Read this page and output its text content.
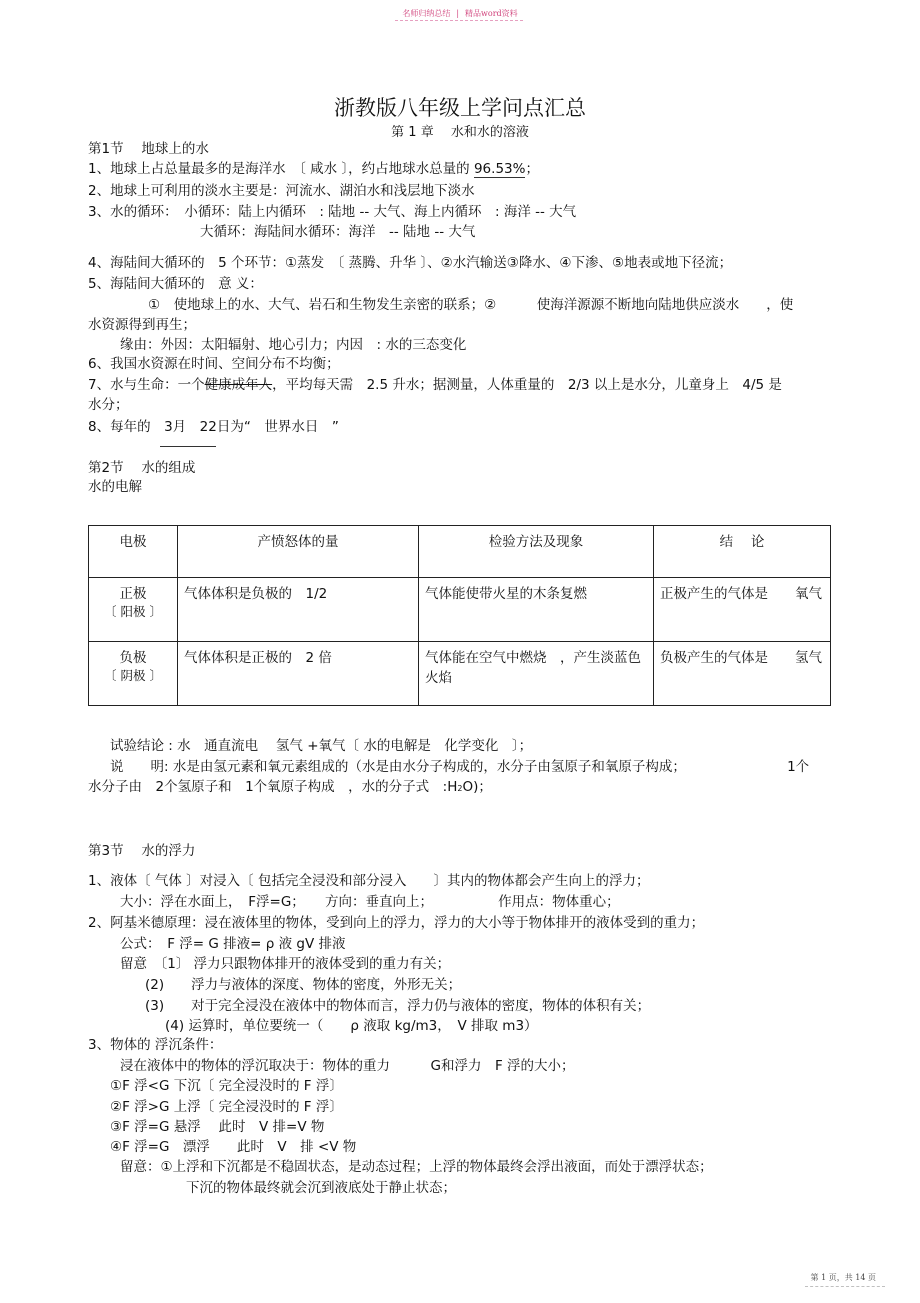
名师归纳总结 | 精品word资料
浙教版八年级上学问点汇总
第 1 章　 水和水的溶液
第1节　 地球上的水
1、地球上占总量最多的是海洋水　〔 咸水 〕，约占地球水总量的 96.53%；
2、地球上可利用的淡水主要是：河流水、湖泊水和浅层地下淡水
3、水的循环：　小循环：陆上内循环　: 陆地 -- 大气、海上内循环　: 海洋 -- 大气
大循环：海陆间水循环：海洋　-- 陆地 -- 大气
4、海陆间大循环的　5 个环节：①蒸发　〔 蒸腾、升华 〕、②水汽输送③降水、④下渗、⑤地表或地下径流；
5、海陆间大循环的　意 义：
①　使地球上的水、大气、岩石和生物发生亲密的联系；②　　　使海洋源源不断地向陆地供应淡水　　，使
水资源得到再生；
缘由：外因：太阳辐射、地心引力；内因　: 水的三态变化
6、我国水资源在时间、空间分布不均衡；
7、水与生命：一个健康成年人，平均每天需　2.5 升水；据测量，人体重量的　2/3 以上是水分，儿童身上　4/5 是
水分；
8、每年的　3月　22日为“　世界水日　”
第2节　 水的组成
水的电解
电极	产愤怒体的量	检验方法及现象	结　 论

正极
〔 阳极 〕	气体体积是负极的　1/2	气体能使带火星的木条复燃	正极产生的气体是　　氧气

负极
〔 阴极 〕	气体体积是正极的　2 倍	气体能在空气中燃烧　，产生淡蓝色火焰	负极产生的气体是　　氢气
试验结论 : 水　通直流电　 氢气 +氧气〔 水的电解是　化学变化　〕；
说　　明: 水是由氢元素和氧元素组成的（水是由水分子构成的，水分子由氢原子和氧原子构成；　　　　　　　　1个
水分子由　2个氢原子和　1个氧原子构成　，水的分子式　:H2O)；
第3节　 水的浮力
1、液体〔 气体 〕对浸入〔 包括完全浸没和部分浸入　　〕其内的物体都会产生向上的浮力；
大小：浮在水面上，　F浮=G；　　方向：垂直向上；　　　　　 作用点：物体重心；
2、阿基米德原理：浸在液体里的物体，受到向上的浮力，浮力的大小等于物体排开的液体受到的重力；
公式：　F 浮= G 排液= ρ 液 gV 排液
留意　〔1〕 浮力只跟物体排开的液体受到的重力有关；
(2)　　浮力与液体的深度、物体的密度，外形无关；
(3)　　对于完全浸没在液体中的物体而言，浮力仍与液体的密度，物体的体积有关；
(4) 运算时，单位要统一（　　ρ 液取 kg/m3，　V 排取 m3）
3、物体的 浮沉条件：
浸在液体中的物体的浮沉取决于：物体的重力　　　G和浮力　F 浮的大小；
①F 浮<G 下沉〔 完全浸没时的 F 浮〕
②F 浮>G 上浮〔 完全浸没时的 F 浮〕
③F 浮=G 悬浮　 此时　V 排=V 物
④F 浮=G　漂浮　　此时　V　排 <V 物
留意：①上浮和下沉都是不稳固状态，是动态过程；上浮的物体最终会浮出液面，而处于漂浮状态；
下沉的物体最终就会沉到液底处于静止状态；
第 1 页，共 14 页
